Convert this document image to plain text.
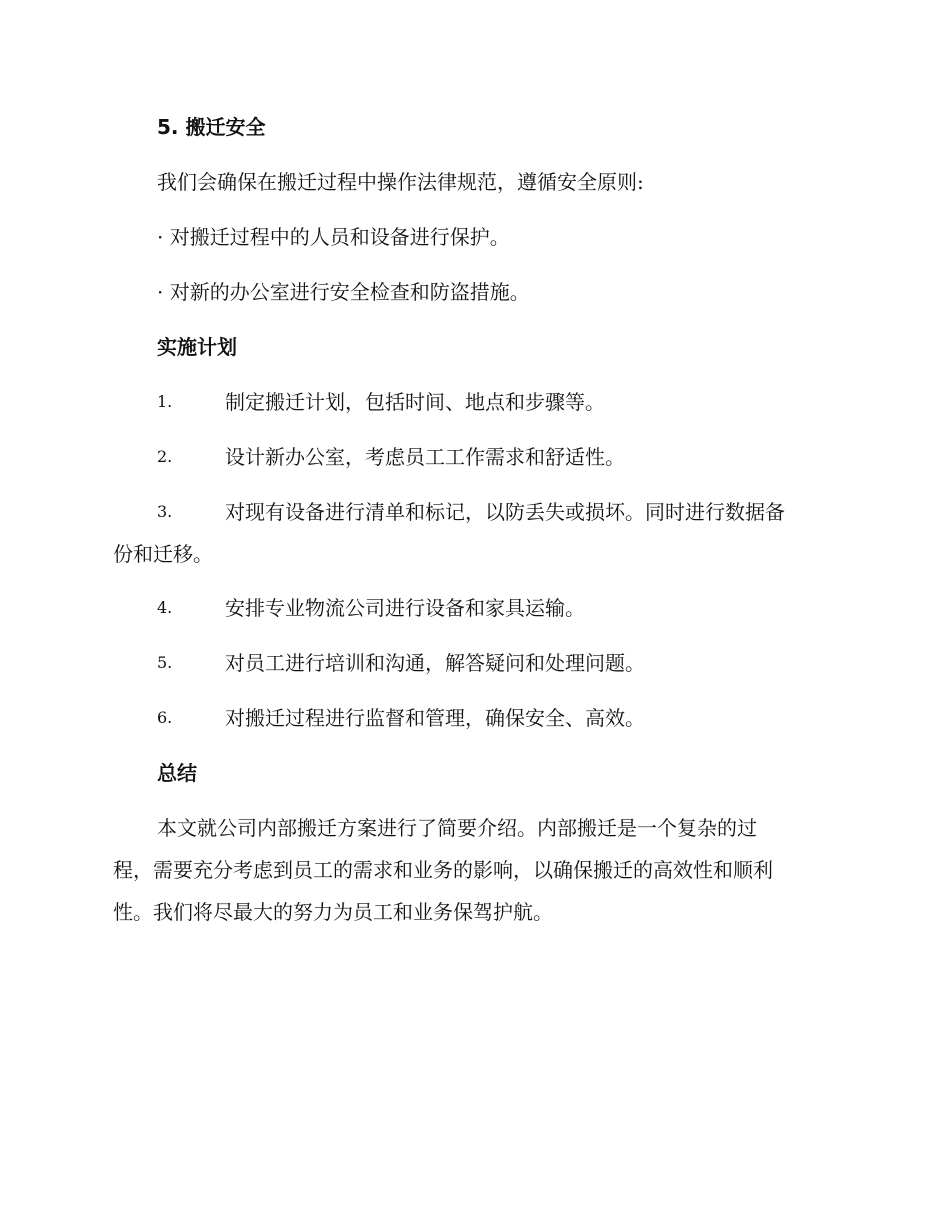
5. 搬迁安全
我们会确保在搬迁过程中操作法律规范，遵循安全原则:
· 对搬迁过程中的人员和设备进行保护。
· 对新的办公室进行安全检查和防盗措施。
实施计划
1.	制定搬迁计划，包括时间、地点和步骤等。
2.	设计新办公室，考虑员工工作需求和舒适性。
3.	对现有设备进行清单和标记，以防丢失或损坏。同时进行数据备
份和迁移。
4.	安排专业物流公司进行设备和家具运输。
5.	对员工进行培训和沟通，解答疑问和处理问题。
6.	对搬迁过程进行监督和管理，确保安全、高效。
总结
本文就公司内部搬迁方案进行了简要介绍。内部搬迁是一个复杂的过
程，需要充分考虑到员工的需求和业务的影响，以确保搬迁的高效性和顺利
性。我们将尽最大的努力为员工和业务保驾护航。
